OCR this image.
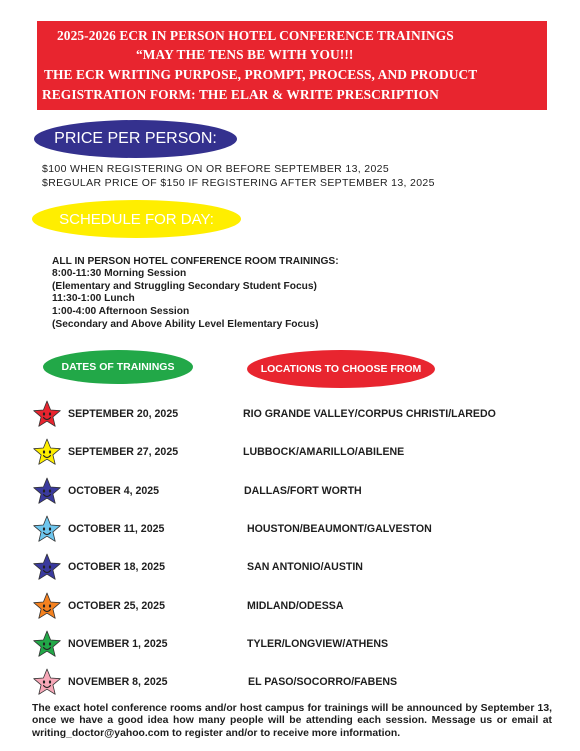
2025-2026 ECR IN PERSON HOTEL CONFERENCE TRAININGS
“MAY THE TENS BE WITH YOU!!!
THE ECR WRITING PURPOSE, PROMPT, PROCESS, AND PRODUCT
REGISTRATION FORM: THE ELAR & WRITE PRESCRIPTION
PRICE PER PERSON:
$100 WHEN REGISTERING ON OR BEFORE SEPTEMBER 13, 2025
$REGULAR PRICE OF $150 IF REGISTERING AFTER SEPTEMBER 13, 2025
SCHEDULE FOR DAY:
ALL IN PERSON HOTEL CONFERENCE ROOM TRAININGS:
8:00-11:30 Morning Session
(Elementary and Struggling Secondary Student Focus)
11:30-1:00 Lunch
1:00-4:00 Afternoon Session
(Secondary and Above Ability Level Elementary Focus)
DATES OF TRAININGS	LOCATIONS TO CHOOSE FROM
SEPTEMBER 20, 2025	RIO GRANDE VALLEY/CORPUS CHRISTI/LAREDO
SEPTEMBER 27, 2025	LUBBOCK/AMARILLO/ABILENE
OCTOBER 4, 2025	DALLAS/FORT WORTH
OCTOBER 11, 2025	HOUSTON/BEAUMONT/GALVESTON
OCTOBER 18, 2025	SAN ANTONIO/AUSTIN
OCTOBER 25, 2025	MIDLAND/ODESSA
NOVEMBER 1, 2025	TYLER/LONGVIEW/ATHENS
NOVEMBER 8, 2025	EL PASO/SOCORRO/FABENS
The exact hotel conference rooms and/or host campus for trainings will be announced by September 13, once we have a good idea how many people will be attending each session. Message us or email at writing_doctor@yahoo.com to register and/or to receive more information.
